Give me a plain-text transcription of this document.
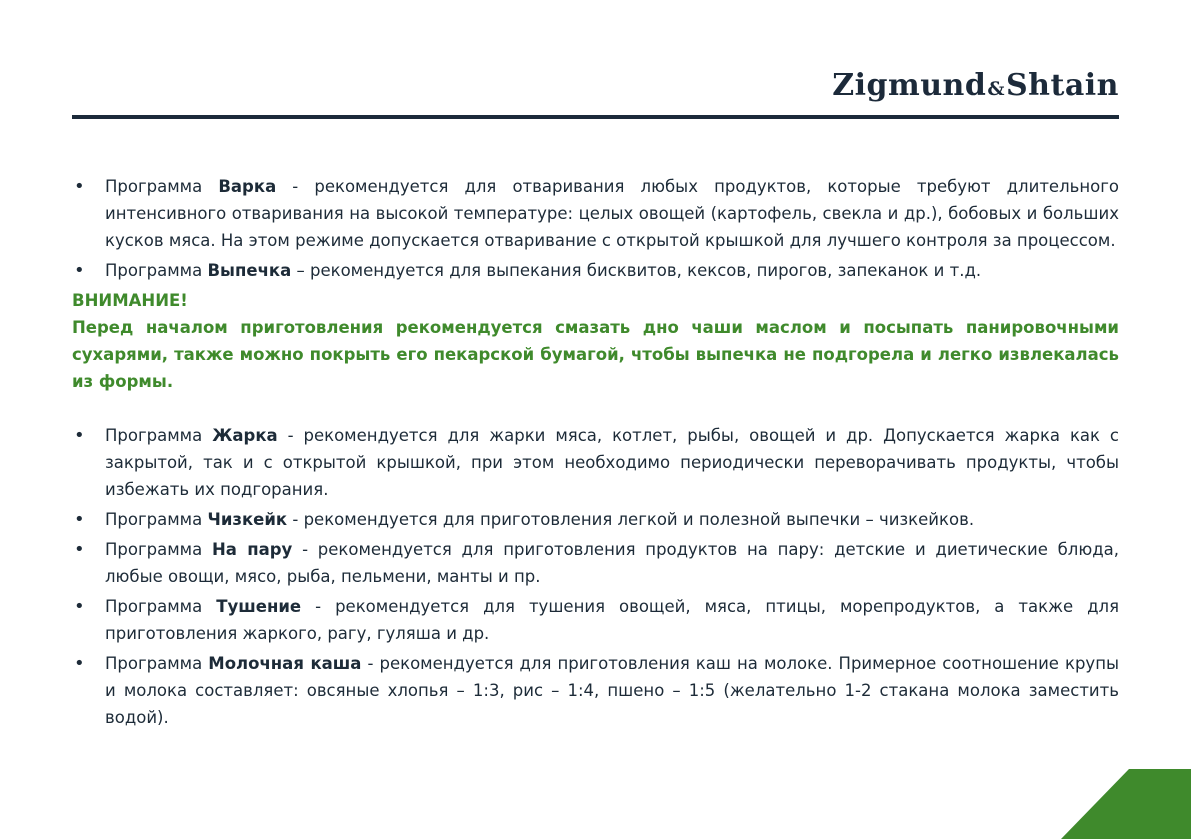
Zigmund&Shtain
• Программа Варка - рекомендуется для отваривания любых продуктов, которые требуют длительного интенсивного отваривания на высокой температуре: целых овощей (картофель, свекла и др.), бобовых и больших кусков мяса. На этом режиме допускается отваривание с открытой крышкой для лучшего контроля за процессом.
• Программа Выпечка – рекомендуется для выпекания бисквитов, кексов, пирогов, запеканок и т.д.

ВНИМАНИЕ!

Перед началом приготовления рекомендуется смазать дно чаши маслом и посыпать панировочными сухарями, также можно покрыть его пекарской бумагой, чтобы выпечка не подгорела и легко извлекалась из формы.

• Программа Жарка - рекомендуется для жарки мяса, котлет, рыбы, овощей и др. Допускается жарка как с закрытой, так и с открытой крышкой, при этом необходимо периодически переворачивать продукты, чтобы избежать их подгорания.
• Программа Чизкейк - рекомендуется для приготовления легкой и полезной выпечки – чизкейков.
• Программа На пару - рекомендуется для приготовления продуктов на пару: детские и диетические блюда, любые овощи, мясо, рыба, пельмени, манты и пр.
• Программа Тушение - рекомендуется для тушения овощей, мяса, птицы, морепродуктов, а также для приготовления жаркого, рагу, гуляша и др.
• Программа Молочная каша - рекомендуется для приготовления каш на молоке. Примерное соотношение крупы и молока составляет: овсяные хлопья – 1:3, рис – 1:4, пшено – 1:5 (желательно 1-2 стакана молока заместить водой).
